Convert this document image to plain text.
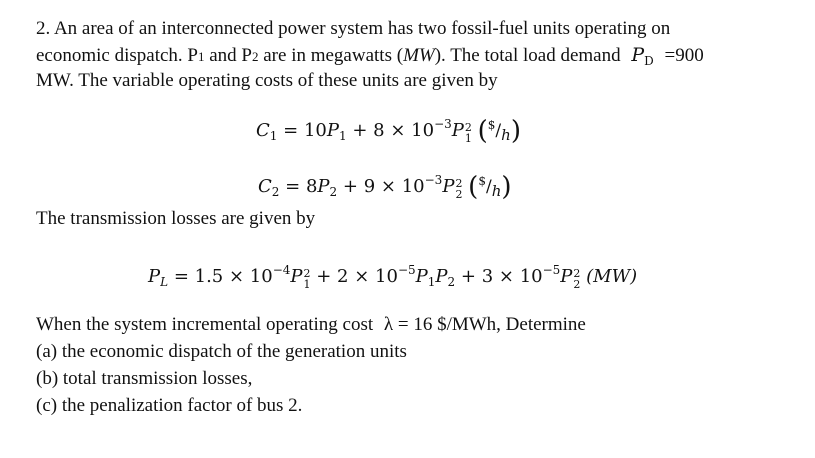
2. An area of an interconnected power system has two fossil-fuel units operating on
economic dispatch. P1 and P2 are in megawatts (MW). The total load demand $P_D =900$
MW. The variable operating costs of these units are given by
$C_1 = 10P_1 + 8 \times 10^{-3}P$ 2
1 ($/h)
$C_2 = 8P_2 + 9 \times 10^{-3}P$ 2
2 ($/h)
The transmission losses are given by
$P_L = 1.5 \times 10^{-4}P$ 2
$1 + 2 \times 10^{-5}P_1P_2 + 3 \times 10^{-5}P$ 2
2 (MW)
When the system incremental operating cost λ = 16 $/MWh, Determine
(a) the economic dispatch of the generation units
(b) total transmission losses,
(c) the penalization factor of bus 2.
